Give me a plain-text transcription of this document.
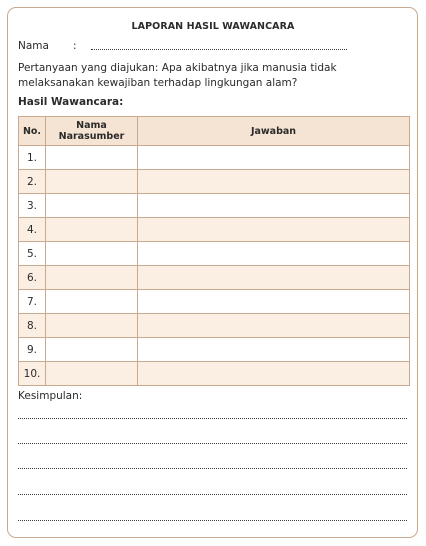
LAPORAN HASIL WAWANCARA
Nama :
Pertanyaan yang diajukan: Apa akibatnya jika manusia tidak melaksanakan kewajiban terhadap lingkungan alam?
Hasil Wawancara:
No.	Nama Narasumber	Jawaban
1.		
2.		
3.		
4.		
5.		
6.		
7.		
8.		
9.		
10.		
Kesimpulan:
